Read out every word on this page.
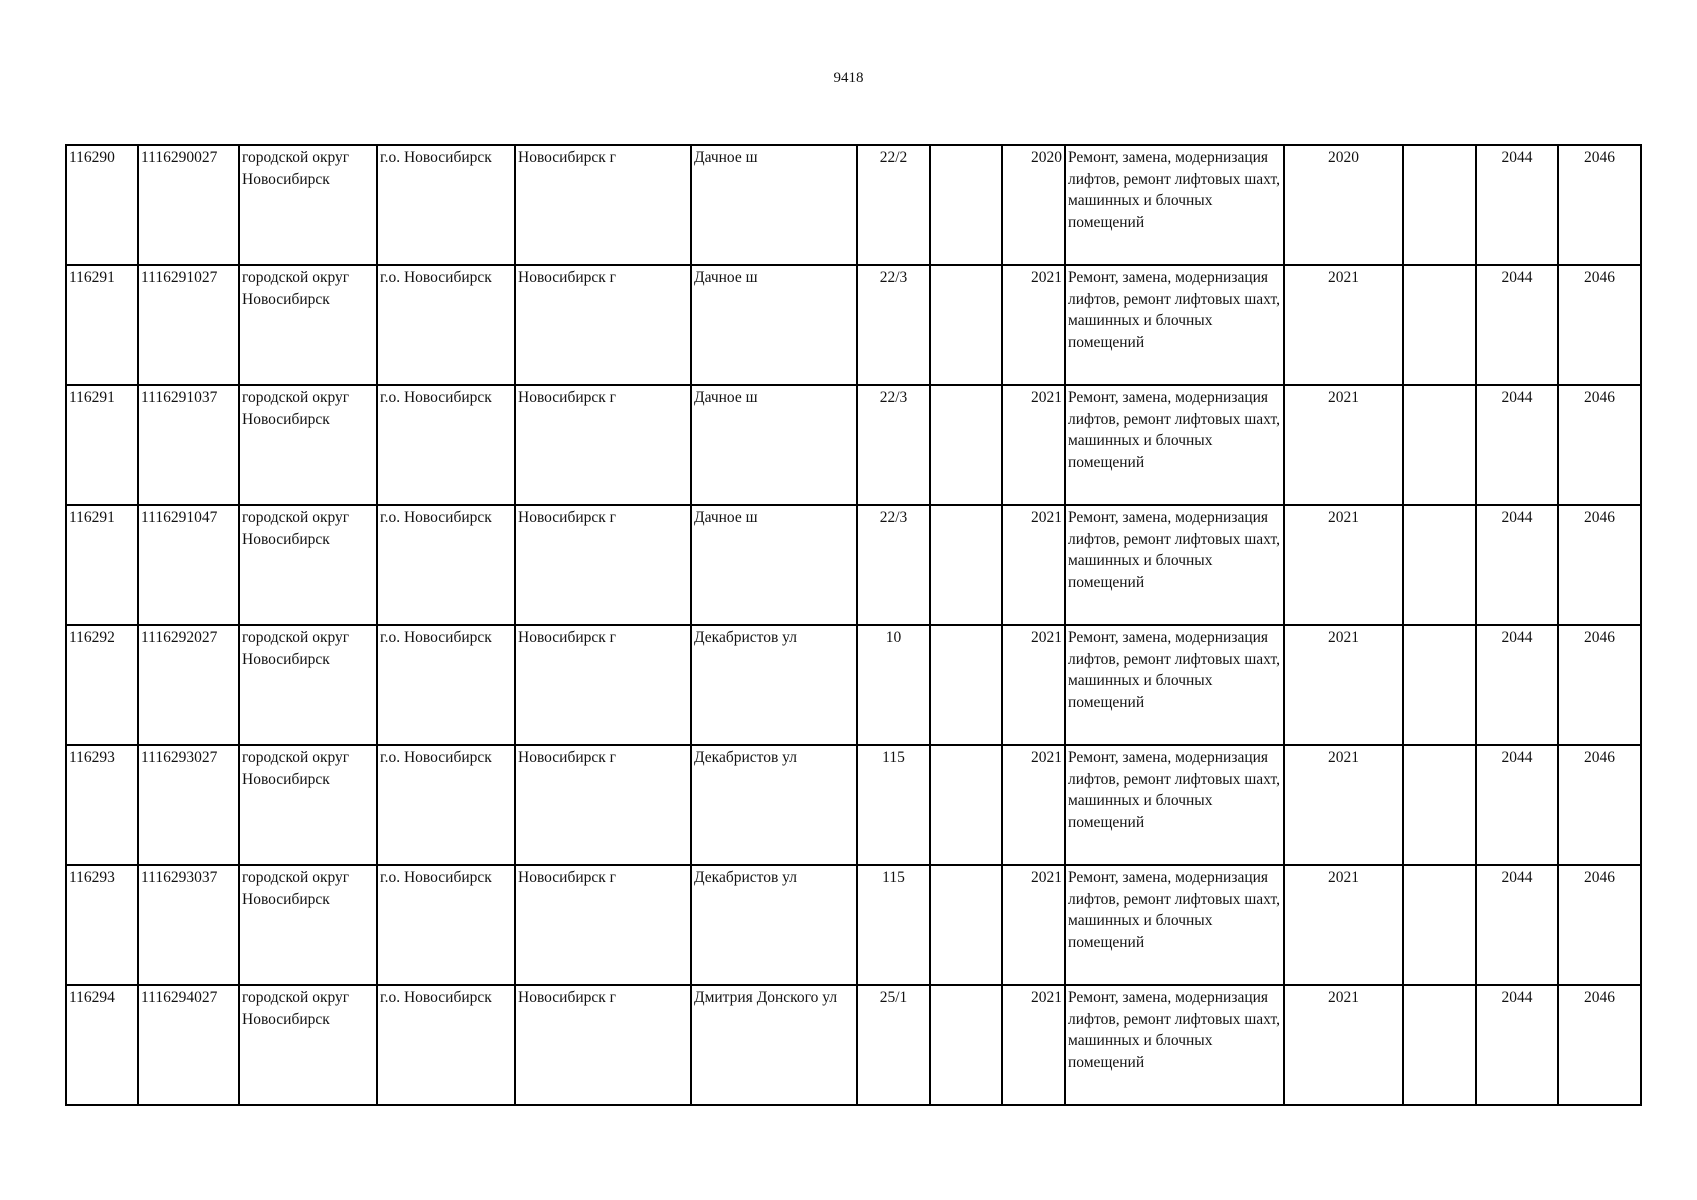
9418
116290	1116290027	городской округ Новосибирск	г.о. Новосибирск	Новосибирск г	Дачное ш	22/2		2020	Ремонт, замена, модернизация лифтов, ремонт лифтовых шахт, машинных и блочных помещений	2020		2044	2046
116291	1116291027	городской округ Новосибирск	г.о. Новосибирск	Новосибирск г	Дачное ш	22/3		2021	Ремонт, замена, модернизация лифтов, ремонт лифтовых шахт, машинных и блочных помещений	2021		2044	2046
116291	1116291037	городской округ Новосибирск	г.о. Новосибирск	Новосибирск г	Дачное ш	22/3		2021	Ремонт, замена, модернизация лифтов, ремонт лифтовых шахт, машинных и блочных помещений	2021		2044	2046
116291	1116291047	городской округ Новосибирск	г.о. Новосибирск	Новосибирск г	Дачное ш	22/3		2021	Ремонт, замена, модернизация лифтов, ремонт лифтовых шахт, машинных и блочных помещений	2021		2044	2046
116292	1116292027	городской округ Новосибирск	г.о. Новосибирск	Новосибирск г	Декабристов ул	10		2021	Ремонт, замена, модернизация лифтов, ремонт лифтовых шахт, машинных и блочных помещений	2021		2044	2046
116293	1116293027	городской округ Новосибирск	г.о. Новосибирск	Новосибирск г	Декабристов ул	115		2021	Ремонт, замена, модернизация лифтов, ремонт лифтовых шахт, машинных и блочных помещений	2021		2044	2046
116293	1116293037	городской округ Новосибирск	г.о. Новосибирск	Новосибирск г	Декабристов ул	115		2021	Ремонт, замена, модернизация лифтов, ремонт лифтовых шахт, машинных и блочных помещений	2021		2044	2046
116294	1116294027	городской округ Новосибирск	г.о. Новосибирск	Новосибирск г	Дмитрия Донского ул	25/1		2021	Ремонт, замена, модернизация лифтов, ремонт лифтовых шахт, машинных и блочных помещений	2021		2044	2046
